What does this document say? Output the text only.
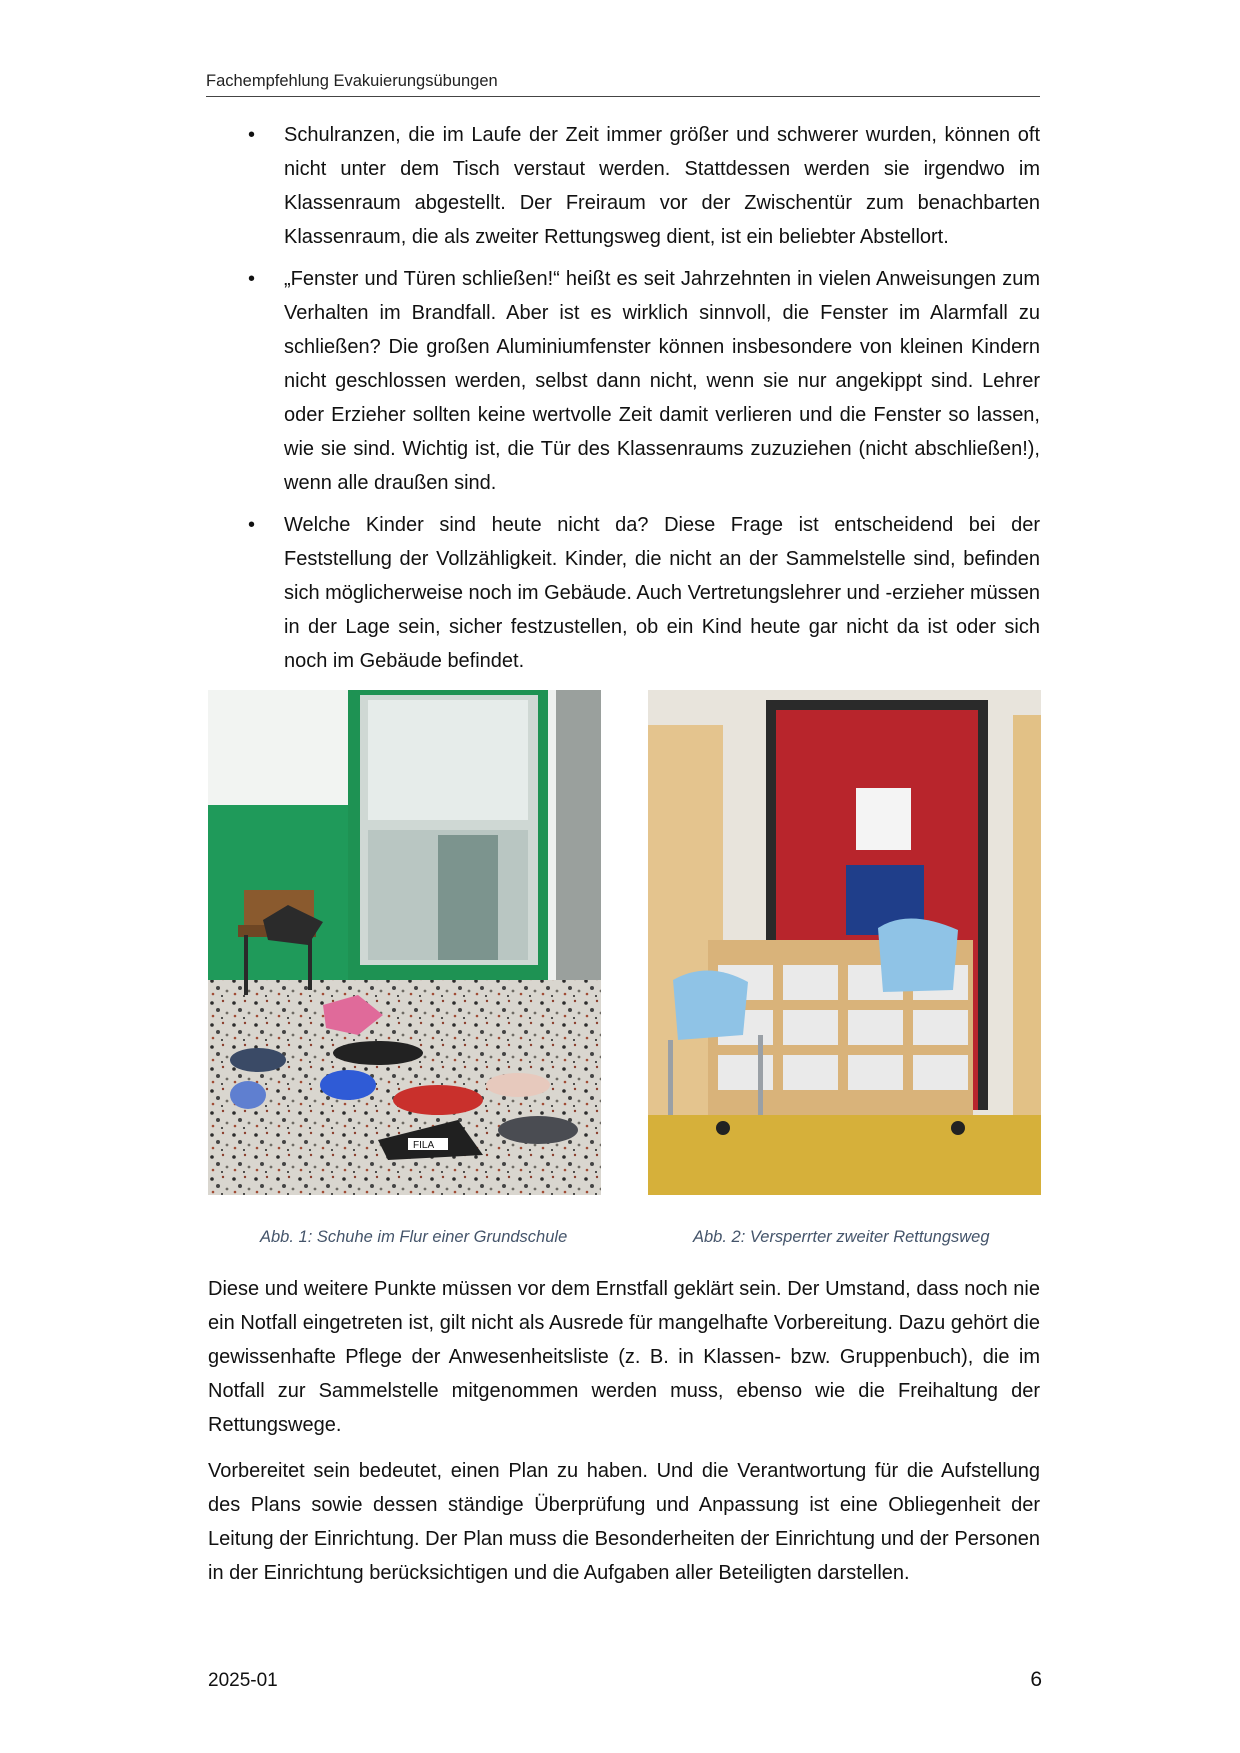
Fachempfehlung Evakuierungsübungen
• Schulranzen, die im Laufe der Zeit immer größer und schwerer wurden, können oft nicht unter dem Tisch verstaut werden. Stattdessen werden sie irgendwo im Klassenraum abgestellt. Der Freiraum vor der Zwischentür zum benachbarten Klassenraum, die als zweiter Rettungsweg dient, ist ein beliebter Abstellort.
• „Fenster und Türen schließen!“ heißt es seit Jahrzehnten in vielen Anweisungen zum Verhalten im Brandfall. Aber ist es wirklich sinnvoll, die Fenster im Alarmfall zu schließen? Die großen Aluminiumfenster können insbesondere von kleinen Kindern nicht geschlossen werden, selbst dann nicht, wenn sie nur angekippt sind. Lehrer oder Erzieher sollten keine wertvolle Zeit damit verlieren und die Fenster so lassen, wie sie sind. Wichtig ist, die Tür des Klassenraums zuzuziehen (nicht abschließen!), wenn alle draußen sind.
• Welche Kinder sind heute nicht da? Diese Frage ist entscheidend bei der Feststellung der Vollzähligkeit. Kinder, die nicht an der Sammelstelle sind, befinden sich möglicherweise noch im Gebäude. Auch Vertretungslehrer und -erzieher müssen in der Lage sein, sicher festzustellen, ob ein Kind heute gar nicht da ist oder sich noch im Gebäude befindet.
FILA
Abb. 1: Schuhe im Flur einer Grundschule	Abb. 2: Versperrter zweiter Rettungsweg

Diese und weitere Punkte müssen vor dem Ernstfall geklärt sein. Der Umstand, dass noch nie ein Notfall eingetreten ist, gilt nicht als Ausrede für mangelhafte Vorbereitung. Dazu gehört die gewissenhafte Pflege der Anwesenheitsliste (z. B. in Klassen- bzw. Gruppenbuch), die im Notfall zur Sammelstelle mitgenommen werden muss, ebenso wie die Freihaltung der Rettungswege.

Vorbereitet sein bedeutet, einen Plan zu haben. Und die Verantwortung für die Aufstellung des Plans sowie dessen ständige Überprüfung und Anpassung ist eine Obliegenheit der Leitung der Einrichtung. Der Plan muss die Besonderheiten der Einrichtung und der Personen in der Einrichtung berücksichtigen und die Aufgaben aller Beteiligten darstellen.

2025-01	6
